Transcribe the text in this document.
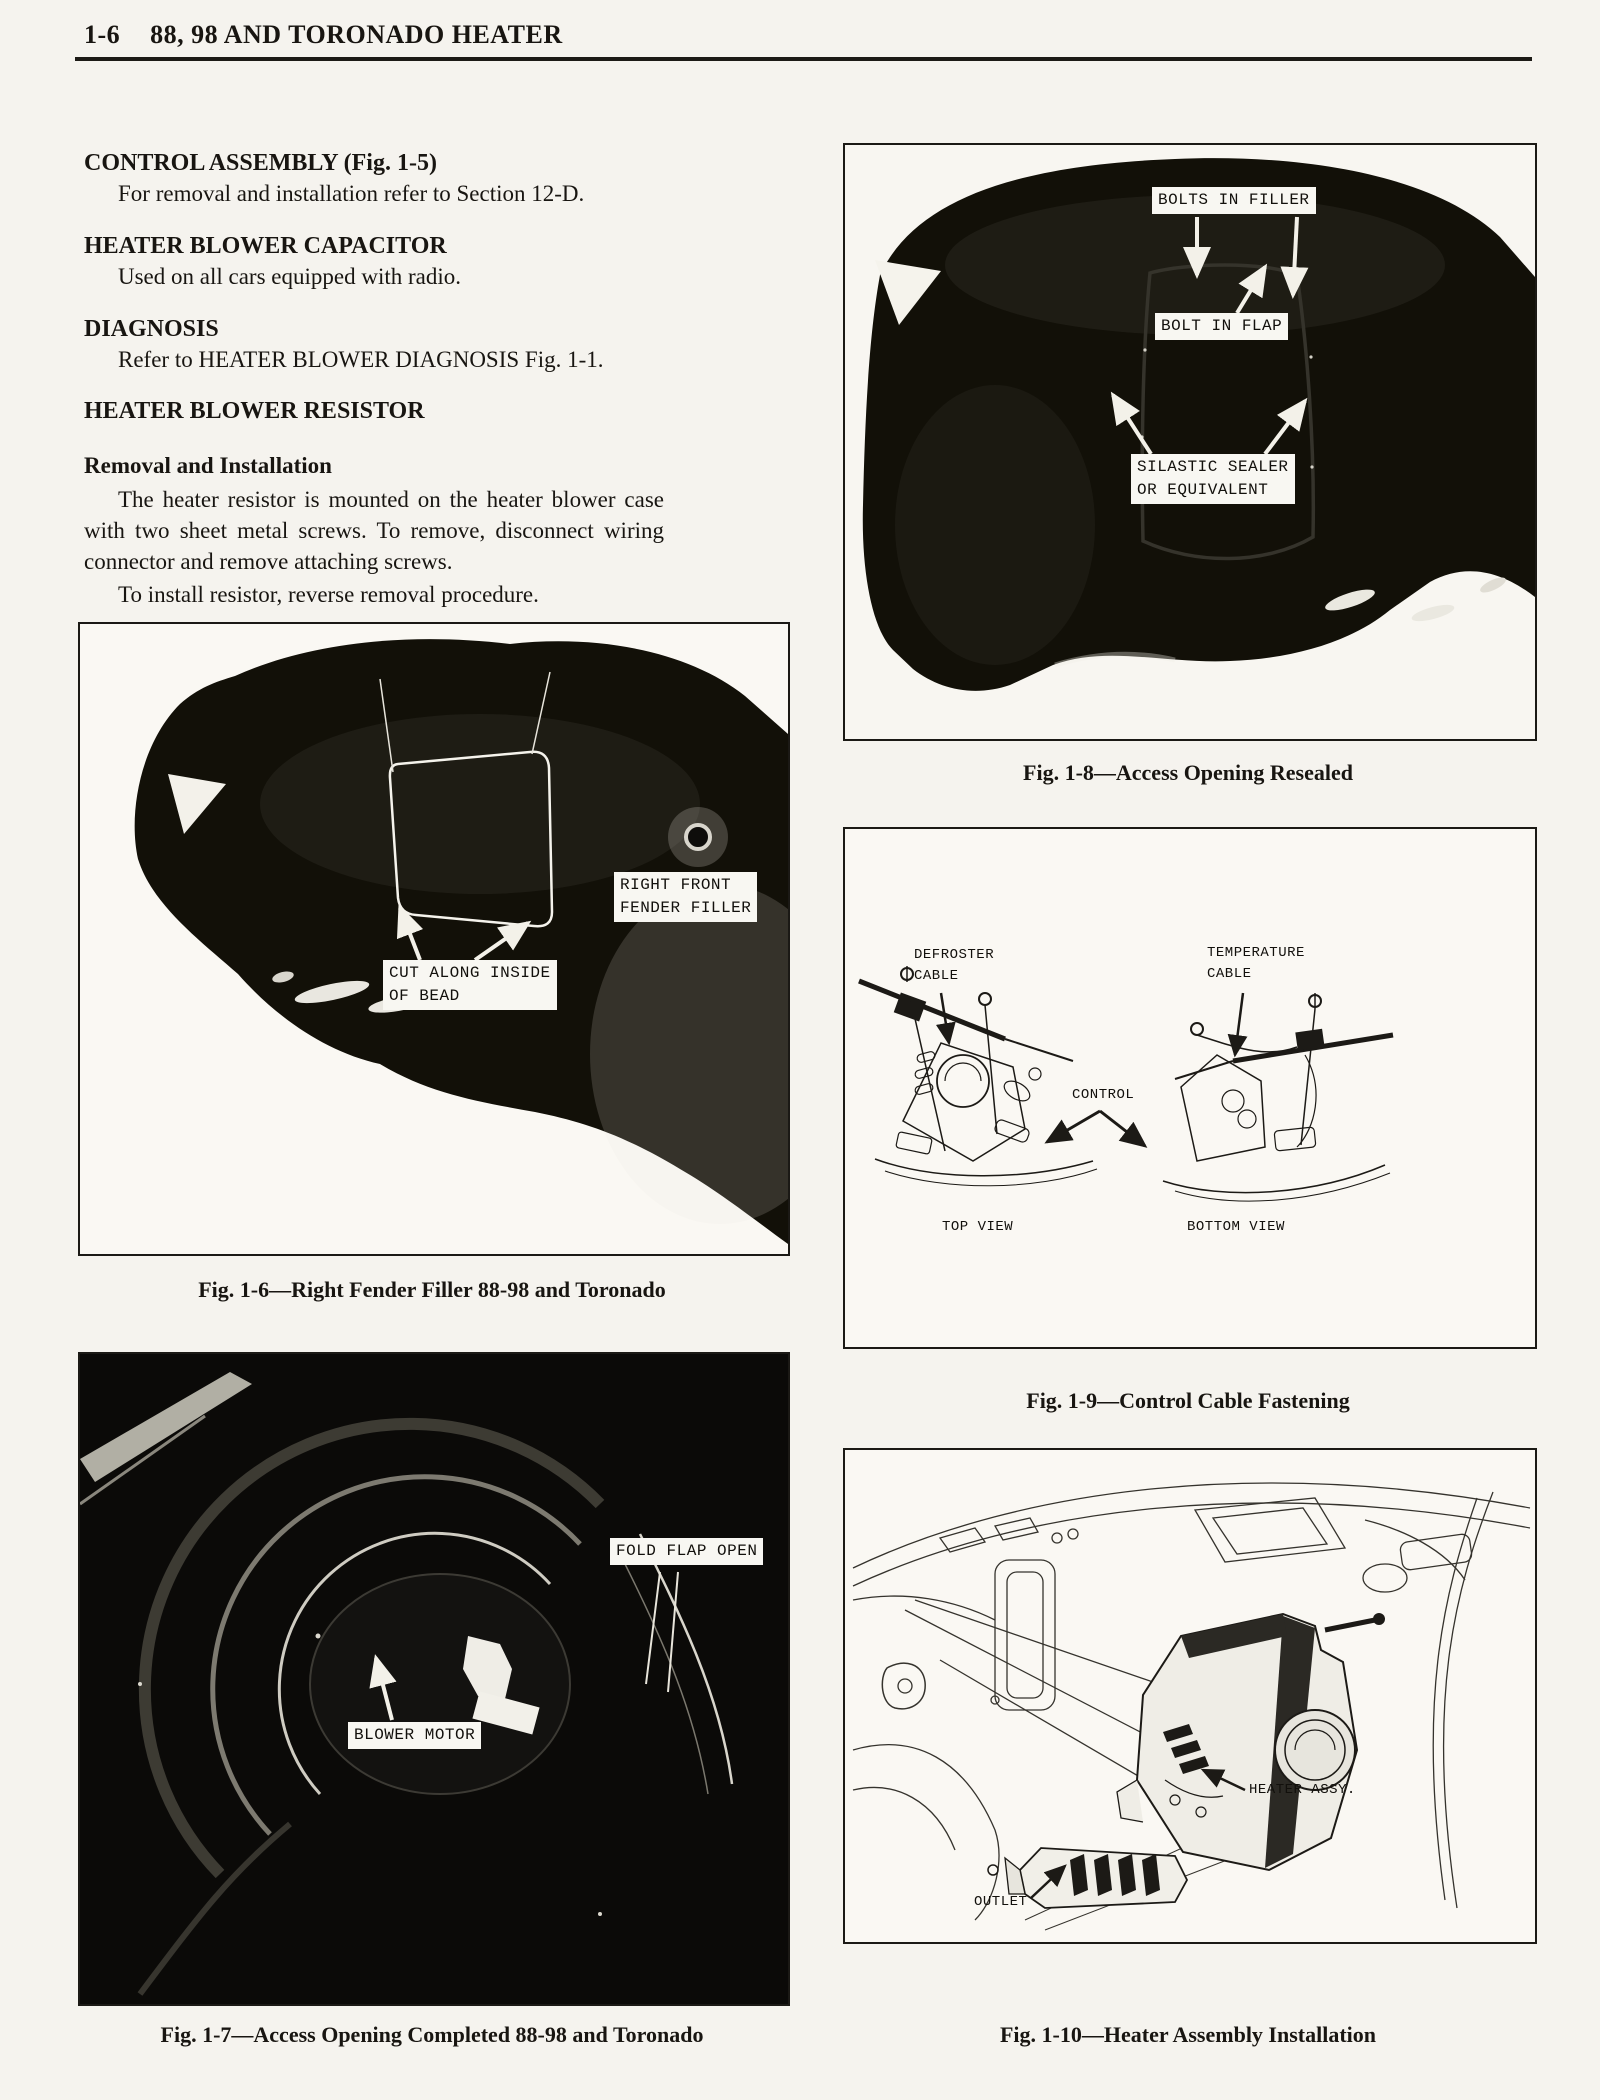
1-6 88, 98 AND TORONADO HEATER
CONTROL ASSEMBLY (Fig. 1-5)
For removal and installation refer to Section 12-D.
HEATER BLOWER CAPACITOR
Used on all cars equipped with radio.
DIAGNOSIS
Refer to HEATER BLOWER DIAGNOSIS Fig. 1-1.
HEATER BLOWER RESISTOR
Removal and Installation
The heater resistor is mounted on the heater blower case with two sheet metal screws. To remove, disconnect wiring connector and remove attaching screws.
To install resistor, reverse removal procedure.
RIGHT FRONT
FENDER FILLER
CUT ALONG INSIDE
OF BEAD
Fig. 1-6—Right Fender Filler 88-98 and Toronado
FOLD FLAP OPEN
BLOWER MOTOR
Fig. 1-7—Access Opening Completed 88-98 and Toronado
BOLTS IN FILLER
BOLT IN FLAP
SILASTIC SEALER
OR EQUIVALENT
Fig. 1-8—Access Opening Resealed
DEFROSTER
CABLE
TEMPERATURE
CABLE
CONTROL
TOP VIEW	BOTTOM VIEW
Fig. 1-9—Control Cable Fastening
HEATER ASSY.
OUTLET
Fig. 1-10—Heater Assembly Installation
